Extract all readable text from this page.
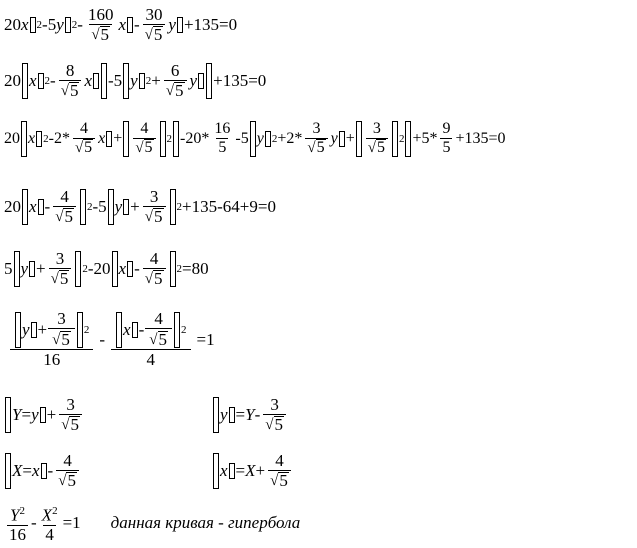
20 x 2 - 5 y $2 - \frac{160}{√ 5}$ x - $\frac{30}{√ 5}$ y + 135 = 0
20 x $2 - \frac{8}{√ 5}$ x - 5 y $2 + \frac{6}{√ 5}$ y + 135 = 0
20 x $2 - 2 * \frac{4}{√ 5}$ $x + \frac{4}{√ 5} 2 - 20 * \frac{16}{5} - 5$ y $2 + 2 * \frac{3}{√ 5}$ $y + \frac{3}{√ 5} 2 + 5 * \frac{9}{5} + 135 = 0$
20 x - $\frac{4}{√ 5} 2 - 5$ $y + \frac{3}{√ 5} 2 + 135 - 64 + 9 = 0$
5 $y + \frac{3}{√ 5} 2 - 20$ $x - \frac{4}{√ 5} 2 = 80$
$\frac{y + \frac{3}{√ 5} 2}{16} - \frac{x - \frac{4}{√ 5} 2}{4} = 1$
$Y = y + \frac{3}{√ 5}$
$X = x - \frac{4}{√ 5}$
$y = Y - \frac{3}{√ 5}$
$x = X + \frac{4}{√ 5}$
$\frac{Y^2}{16} - \frac{X^2}{4} =1$ данная кривая - гипербола
